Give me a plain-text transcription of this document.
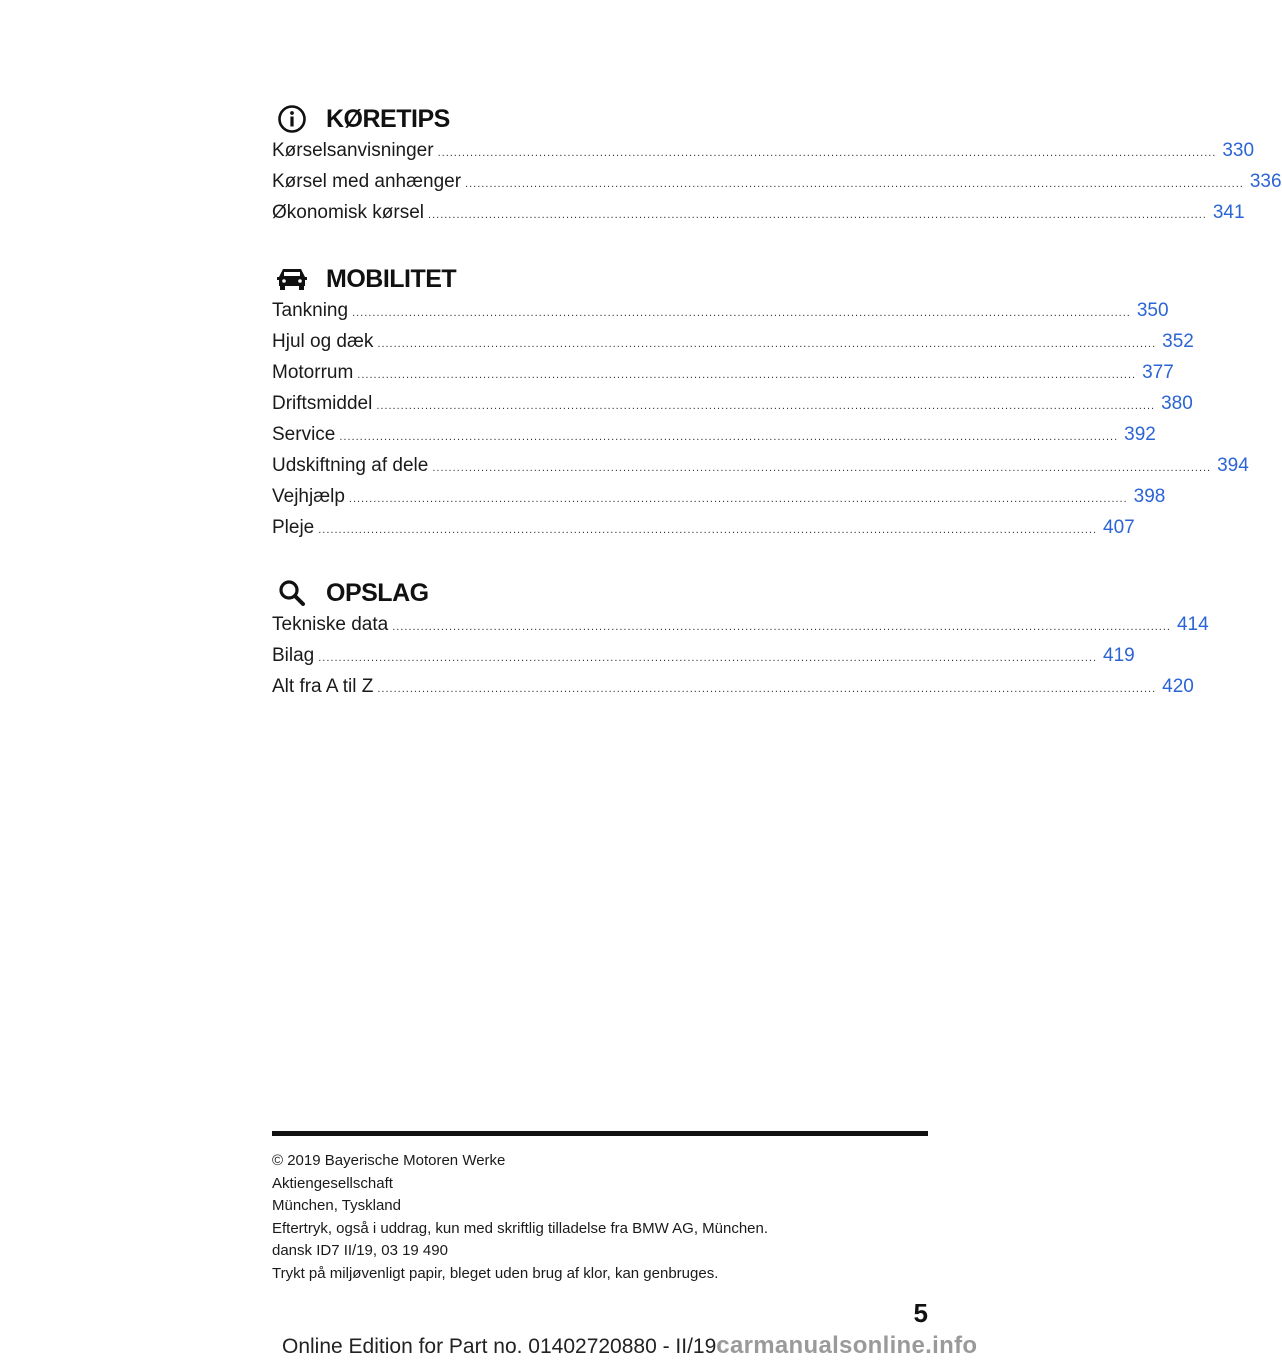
KØRETIPS
Kørselsanvisninger ................................................................................................................................................................................................ 330
Kørsel med anhænger ................................................................................................................................................................................................ 336
Økonomisk kørsel ................................................................................................................................................................................................ 341
MOBILITET
Tankning ................................................................................................................................................................................................ 350
Hjul og dæk ................................................................................................................................................................................................ 352
Motorrum ................................................................................................................................................................................................ 377
Driftsmiddel ................................................................................................................................................................................................ 380
Service ................................................................................................................................................................................................ 392
Udskiftning af dele ................................................................................................................................................................................................ 394
Vejhjælp ................................................................................................................................................................................................ 398
Pleje ................................................................................................................................................................................................ 407
OPSLAG
Tekniske data ................................................................................................................................................................................................ 414
Bilag ................................................................................................................................................................................................ 419
Alt fra A til Z ................................................................................................................................................................................................ 420
© 2019 Bayerische Motoren Werke
Aktiengesellschaft
München, Tyskland
Eftertryk, også i uddrag, kun med skriftlig tilladelse fra BMW AG, München.
dansk ID7 II/19, 03 19 490
Trykt på miljøvenligt papir, bleget uden brug af klor, kan genbruges.
5
Online Edition for Part no. 01402720880 - II/19carmanualsonline.info
